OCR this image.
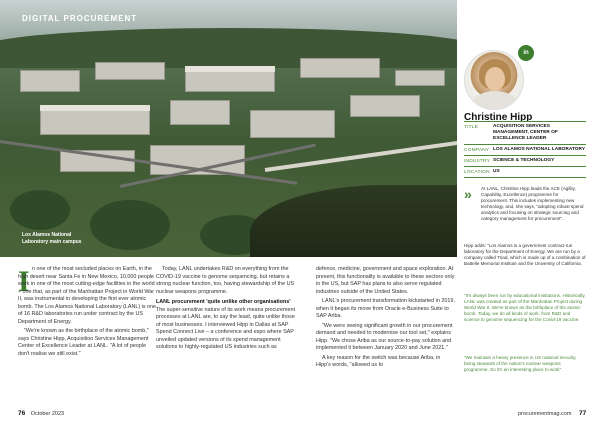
DIGITAL PROCUREMENT
Los Alamos National Laboratory main campus
in
Christine Hipp
TITLE	ACQUISITION SERVICES MANAGEMENT, CENTER OF EXCELLENCE LEADER
COMPANY LOS ALAMOS NATIONAL LABORATORY
INDUSTRY SCIENCE & TECHNOLOGY
LOCATION US
» At LANL, Christine Hipp leads the ACE (Agility, Capability, Excellence) programme for procurement. This includes implementing new technology, and, she says, "adopting robust spend analytics and focusing on strategic sourcing and category management for procurement".
Hipp adds: "Los Alamos is a government contract-run laboratory for the Department of Energy. We are run by a company called Triad, which is made up of a combination of Battelle Memorial Institute and the University of California.
"It's always been run by educational institutions. Historically, LANL was created as part of the Manhattan Project during World War II. We're known as the birthplace of the atomic bomb. Today, we do all kinds of work, from R&D and science to genome sequencing for the Covid-19 vaccine.
"We maintain a heavy presence in US national security, being stewards of the nation's nuclear weapons programme. So it's an interesting place to work".
I n one of the most secluded places on Earth, in the high desert near Santa Fe in New Mexico, 10,000 people work in one of the most cutting-edge facilities in the world – one that, as part of the Manhattan Project in World War II, was instrumental in developing the first ever atomic bomb. The Los Alamos National Laboratory (LANL) is one of 16 R&D laboratories run under contract by the US Department of Energy.

"We're known as the birthplace of the atomic bomb," says Christine Hipp, Acquisition Services Management Center of Excellence Leader at LANL. "A lot of people don't realise we still exist."

Today, LANL undertakes R&D on everything from the COVID-19 vaccine to genome sequencing, but retains a strong nuclear function, too, having stewardship of the US nuclear weapons programme.

LANL procurement 'quite unlike other organisations'

The super-sensitive nature of its work means procurement processes at LANL are, to say the least, quite unlike those of most businesses. I interviewed Hipp in Dallas at SAP Spend Connect Live – a conference and expo where SAP unveiled updated versions of its spend management solutions to highly-regulated US industries such as

defence, medicine, government and space exploration. At present, this functionality is available to these sectors only in the US, but SAP has plans to also serve regulated industries outside of the United States.

LANL's procurement transformation kickstarted in 2019, when it began its move from Oracle e-Business Suite to SAP Ariba.

"We were seeing significant growth in our procurement demand and needed to modernise our tool set," explains Hipp. "We chose Ariba as our source-to-pay solution and implemented it between January 2020 and June 2021."

A key reason for the switch was because Ariba, in Hipp's words, "allowed us to

76 October 2023	procurementmag.com 77
